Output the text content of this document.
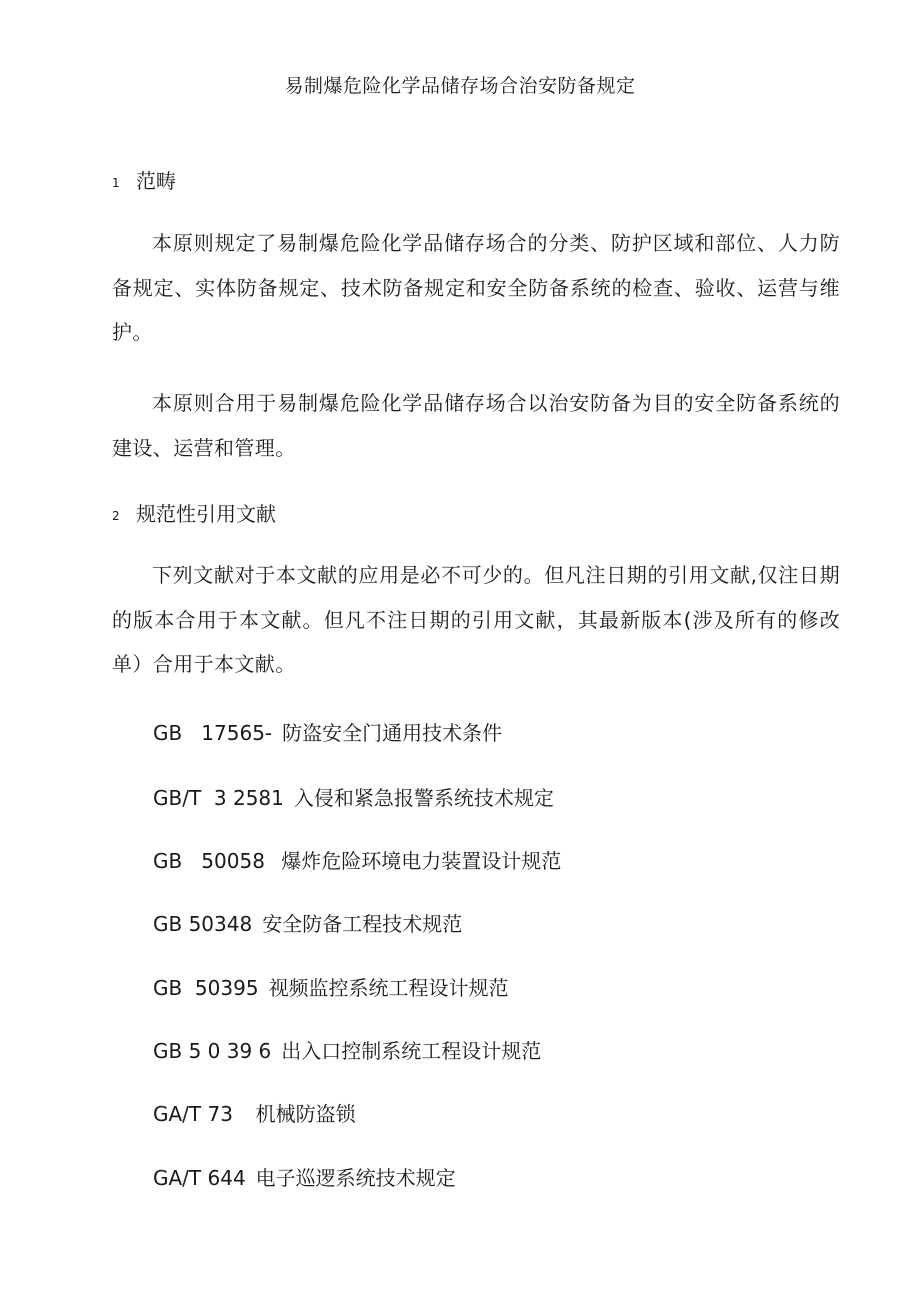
易制爆危险化学品储存场合治安防备规定
1 范畴
本原则规定了易制爆危险化学品储存场合的分类、防护区域和部位、人力防备规定、实体防备规定、技术防备规定和安全防备系统的检查、验收、运营与维护。
本原则合用于易制爆危险化学品储存场合以治安防备为目的安全防备系统的建设、运营和管理。
2 规范性引用文献
下列文献对于本文献的应用是必不可少的。但凡注日期的引用文献,仅注日期的版本合用于本文献。但凡不注日期的引用文献，其最新版本(涉及所有的修改单）合用于本文献。
GB   17565- 防盗安全门通用技术条件
GB/T  3 2581 入侵和紧急报警系统技术规定
GB   50058 爆炸危险环境电力装置设计规范
GB 50348 安全防备工程技术规范
GB  50395 视频监控系统工程设计规范
GB 5 0 39 6 出入口控制系统工程设计规范
GA/T 73  机械防盗锁
GA/T 644 电子巡逻系统技术规定
